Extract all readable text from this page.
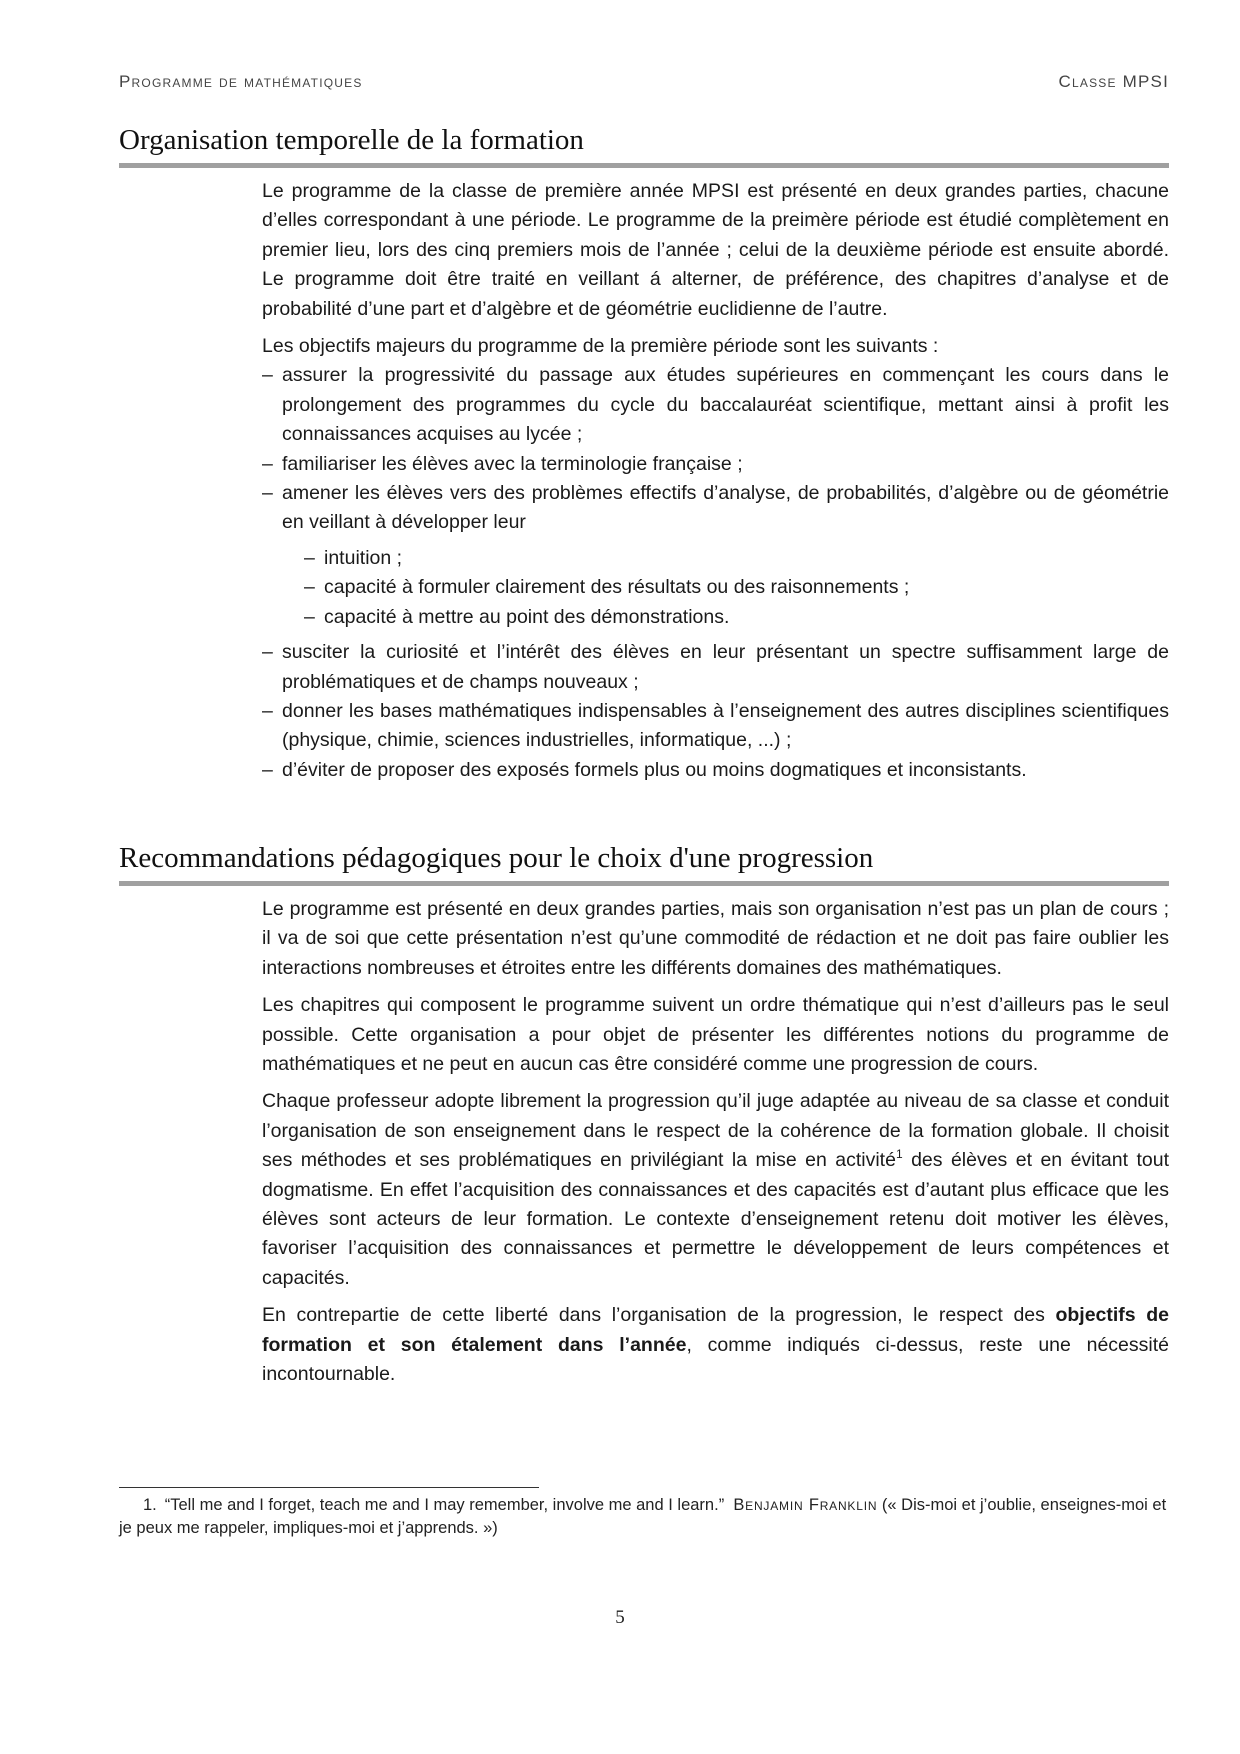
Programme de mathématiques	Classe MPSI
Organisation temporelle de la formation

Le programme de la classe de première année MPSI est présenté en deux grandes parties, chacune d’elles correspondant à une période. Le programme de la preimère période est étudié complètement en premier lieu, lors des cinq premiers mois de l’année ; celui de la deuxième période est ensuite abordé. Le programme doit être traité en veillant á alterner, de préférence, des chapitres d’analyse et de probabilité d’une part et d’algèbre et de géométrie euclidienne de l’autre.

Les objectifs majeurs du programme de la première période sont les suivants :

– assurer la progressivité du passage aux études supérieures en commençant les cours dans le prolongement des programmes du cycle du baccalauréat scientifique, mettant ainsi à profit les connaissances acquises au lycée ;
– familiariser les élèves avec la terminologie française ;
– amener les élèves vers des problèmes effectifs d’analyse, de probabilités, d’algèbre ou de géométrie en veillant à développer leur
– intuition ;
– capacité à formuler clairement des résultats ou des raisonnements ;
– capacité à mettre au point des démonstrations.
– susciter la curiosité et l’intérêt des élèves en leur présentant un spectre suffisamment large de problématiques et de champs nouveaux ;
– donner les bases mathématiques indispensables à l’enseignement des autres disciplines scientifiques (physique, chimie, sciences industrielles, informatique, ...) ;
– d’éviter de proposer des exposés formels plus ou moins dogmatiques et inconsistants.
Recommandations pédagogiques pour le choix d'une progression

Le programme est présenté en deux grandes parties, mais son organisation n’est pas un plan de cours ; il va de soi que cette présentation n’est qu’une commodité de rédaction et ne doit pas faire oublier les interactions nombreuses et étroites entre les différents domaines des mathématiques.

Les chapitres qui composent le programme suivent un ordre thématique qui n’est d’ailleurs pas le seul possible. Cette organisation a pour objet de présenter les différentes notions du programme de mathématiques et ne peut en aucun cas être considéré comme une progression de cours.

Chaque professeur adopte librement la progression qu’il juge adaptée au niveau de sa classe et conduit l’organisation de son enseignement dans le respect de la cohérence de la formation globale. Il choisit ses méthodes et ses problématiques en privilégiant la mise en activité$^1$ des élèves et en évitant tout dogmatisme. En effet l’acquisition des connaissances et des capacités est d’autant plus efficace que les élèves sont acteurs de leur formation. Le contexte d’enseignement retenu doit motiver les élèves, favoriser l’acquisition des connaissances et permettre le développement de leurs compétences et capacités.

En contrepartie de cette liberté dans l’organisation de la progression, le respect des objectifs de formation et son étalement dans l’année, comme indiqués ci-dessus, reste une nécessité incontournable.

1. “Tell me and I forget, teach me and I may remember, involve me and I learn.” Benjamin Franklin (« Dis-moi et j’oublie, enseignes-moi et je peux me rappeler, impliques-moi et j’apprends. »)
5
